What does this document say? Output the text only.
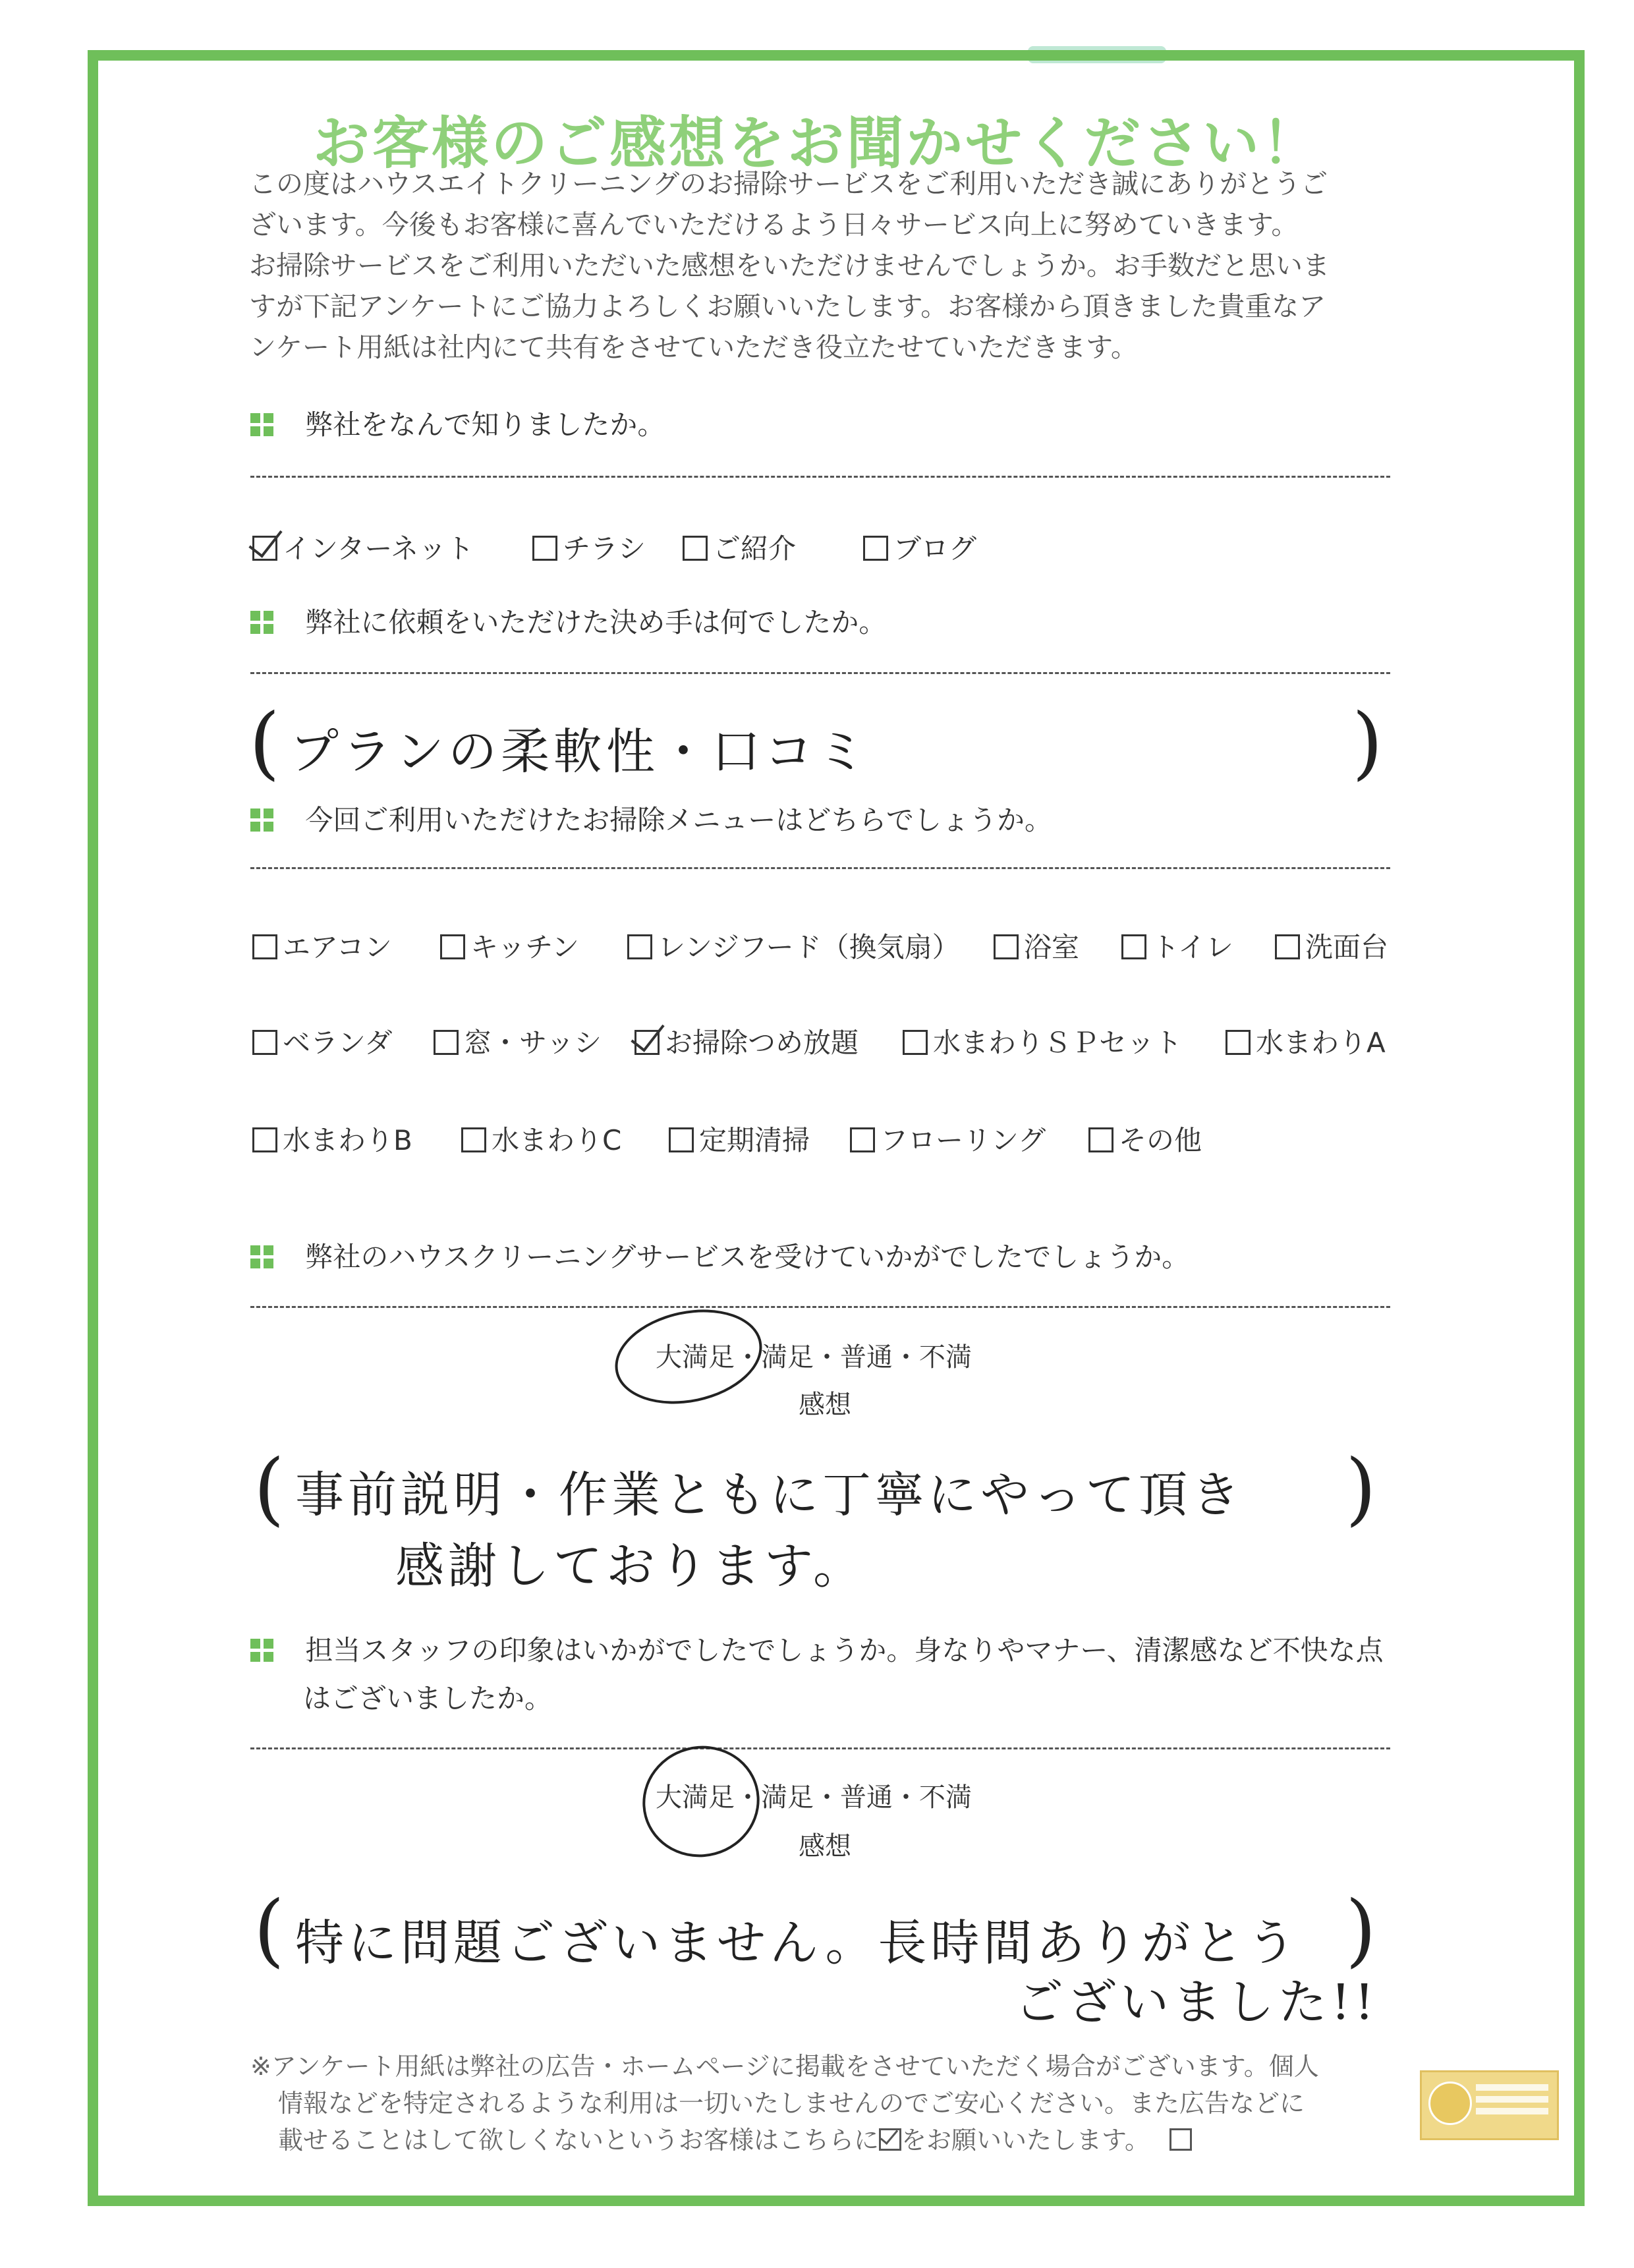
お客様のご感想をお聞かせください！
この度はハウスエイトクリーニングのお掃除サービスをご利用いただき誠にありがとうご
ざいます。今後もお客様に喜んでいただけるよう日々サービス向上に努めていきます。
お掃除サービスをご利用いただいた感想をいただけませんでしょうか。お手数だと思いま
すが下記アンケートにご協力よろしくお願いいたします。お客様から頂きました貴重なア
ンケート用紙は社内にて共有をさせていただき役立たせていただきます。
弊社をなんで知りましたか。
インターネット	チラシ	ご紹介	ブログ
弊社に依頼をいただけた決め手は何でしたか。
( プランの柔軟性・口コミ	)
今回ご利用いただけたお掃除メニューはどちらでしょうか。
エアコン	キッチン	レンジフード（換気扇）	浴室	トイレ	洗面台
ベランダ	窓・サッシ	お掃除つめ放題	水まわりＳＰセット	水まわりA
水まわりB	水まわりC	定期清掃	フローリング	その他
弊社のハウスクリーニングサービスを受けていかがでしたでしょうか。
大満足・満足・普通・不満
感想
( 事前説明・作業ともに丁寧にやって頂き
感謝しております。
)
担当スタッフの印象はいかがでしたでしょうか。身なりやマナー、清潔感など不快な点
はございましたか。
大満足・満足・普通・不満
感想
( 特に問題ございません。長時間ありがとう
ございました!!
)
※アンケート用紙は弊社の広告・ホームページに掲載をさせていただく場合がございます。個人
情報などを特定されるような利用は一切いたしませんのでご安心ください。また広告などに
載せることはして欲しくないというお客様はこちらに をお願いいたします。
